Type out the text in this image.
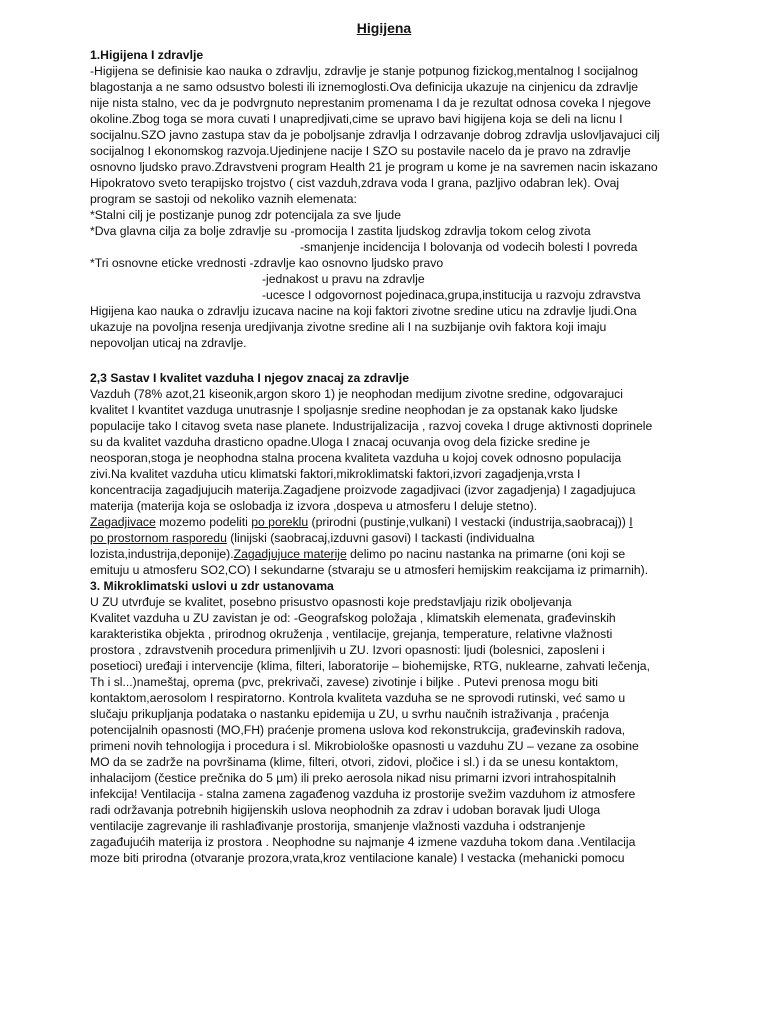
Higijena
1.Higijena I zdravlje
-Higijena se definisie kao nauka o zdravlju, zdravlje je stanje potpunog fizickog,mentalnog I socijalnog
blagostanja a ne samo odsustvo bolesti ili iznemoglosti.Ova definicija ukazuje na cinjenicu da zdravlje
nije nista stalno, vec da je podvrgnuto neprestanim promenama I da je rezultat odnosa coveka I njegove
okoline.Zbog toga se mora cuvati I unapredjivati,cime se upravo bavi higijena koja se deli na licnu I
socijalnu.SZO javno zastupa stav da je poboljsanje zdravlja I odrzavanje dobrog zdravlja uslovljavajuci cilj
socijalnog I ekonomskog razvoja.Ujedinjene nacije I SZO su postavile nacelo da je pravo na zdravlje
osnovno ljudsko pravo.Zdravstveni program Health 21 je program u kome je na savremen nacin iskazano
Hipokratovo sveto terapijsko trojstvo ( cist vazduh,zdrava voda I grana, pazljivo odabran lek). Ovaj
program se sastoji od nekoliko vaznih elemenata:
*Stalni cilj je postizanje punog zdr potencijala za sve ljude
*Dva glavna cilja za bolje zdravlje su -promocija I zastita ljudskog zdravlja tokom celog zivota
-smanjenje incidencija I bolovanja od vodecih bolesti I povreda
*Tri osnovne eticke vrednosti -zdravlje kao osnovno ljudsko pravo
-jednakost u pravu na zdravlje
-ucesce I odgovornost pojedinaca,grupa,institucija u razvoju zdravstva
Higijena kao nauka o zdravlju izucava nacine na koji faktori zivotne sredine uticu na zdravlje ljudi.Ona
ukazuje na povoljna resenja uredjivanja zivotne sredine ali I na suzbijanje ovih faktora koji imaju
nepovoljan uticaj na zdravlje.
2,3 Sastav I kvalitet vazduha I njegov znacaj za zdravlje
Vazduh (78% azot,21 kiseonik,argon skoro 1) je neophodan medijum zivotne sredine, odgovarajuci
kvalitet I kvantitet vazduga unutrasnje I spoljasnje sredine neophodan je za opstanak kako ljudske
populacije tako I citavog sveta nase planete. Industrijalizacija , razvoj coveka I druge aktivnosti doprinele
su da kvalitet vazduha drasticno opadne.Uloga I znacaj ocuvanja ovog dela fizicke sredine je
neosporan,stoga je neophodna stalna procena kvaliteta vazduha u kojoj covek odnosno populacija
zivi.Na kvalitet vazduha uticu klimatski faktori,mikroklimatski faktori,izvori zagadjenja,vrsta I
koncentracija zagadjujucih materija.Zagadjene proizvode zagadjivaci (izvor zagadjenja) I zagadjujuca
materija (materija koja se oslobadja iz izvora ,dospeva u atmosferu I deluje stetno).
Zagadjivace mozemo podeliti po poreklu (prirodni (pustinje,vulkani) I vestacki (industrija,saobracaj)) I
po prostornom rasporedu (linijski (saobracaj,izduvni gasovi) I tackasti (individualna
lozista,industrija,deponije).Zagadjujuce materije delimo po nacinu nastanka na primarne (oni koji se
emituju u atmosferu SO2,CO) I sekundarne (stvaraju se u atmosferi hemijskim reakcijama iz primarnih).
3. Mikroklimatski uslovi u zdr ustanovama
U ZU utvrđuje se kvalitet, posebno prisustvo opasnosti koje predstavljaju rizik obolјevanja
Kvalitet vazduha u ZU zavistan je od: -Geografskog položaja , klimatskih elemenata, građevinskih
karakteristika objekta , prirodnog okruženja , ventilacije, grejanja, temperature, relativne vlažnosti
prostora , zdravstvenih procedura primenljivih u ZU. Izvori opasnosti: ljudi (bolesnici, zaposleni i
posetioci) uređaji i intervencije (klima, filteri, laboratorije – biohemijske, RTG, nuklearne, zahvati lečenja,
Th i sl...)nameštaj, oprema (pvc, prekrivači, zavese) zivotinje i biljke . Putevi prenosa mogu biti
kontaktom,aerosolom I respiratorno. Kontrola kvaliteta vazduha se ne sprovodi rutinski, već samo u
slučaju prikupljanja podataka o nastanku epidemija u ZU, u svrhu naučnih istraživanja , praćenja
potencijalnih opasnosti (MO,FH) praćenje promena uslova kod rekonstrukcija, građevinskih radova,
primeni novih tehnologija i procedura i sl. Mikrobiološke opasnosti u vazduhu ZU – vezane za osobine
MO da se zadrže na površinama (klime, filteri, otvori, zidovi, pločice i sl.) i da se unesu kontaktom,
inhalacijom (čestice prečnika do 5 µm) ili preko aerosola nikad nisu primarni izvori intrahospitalnih
infekcija! Ventilacija - stalna zamena zagađenog vazduha iz prostorije svežim vazduhom iz atmosfere
radi održavanja potrebnih higijenskih uslova neophodnih za zdrav i udoban boravak ljudi Uloga
ventilacije zagrevanje ili rashlađivanje prostorija, smanjenje vlažnosti vazduha i odstranjenje
zagađujućih materija iz prostora . Neophodne su najmanje 4 izmene vazduha tokom dana .Ventilacija
moze biti prirodna (otvaranje prozora,vrata,kroz ventilacione kanale) I vestacka (mehanicki pomocu
